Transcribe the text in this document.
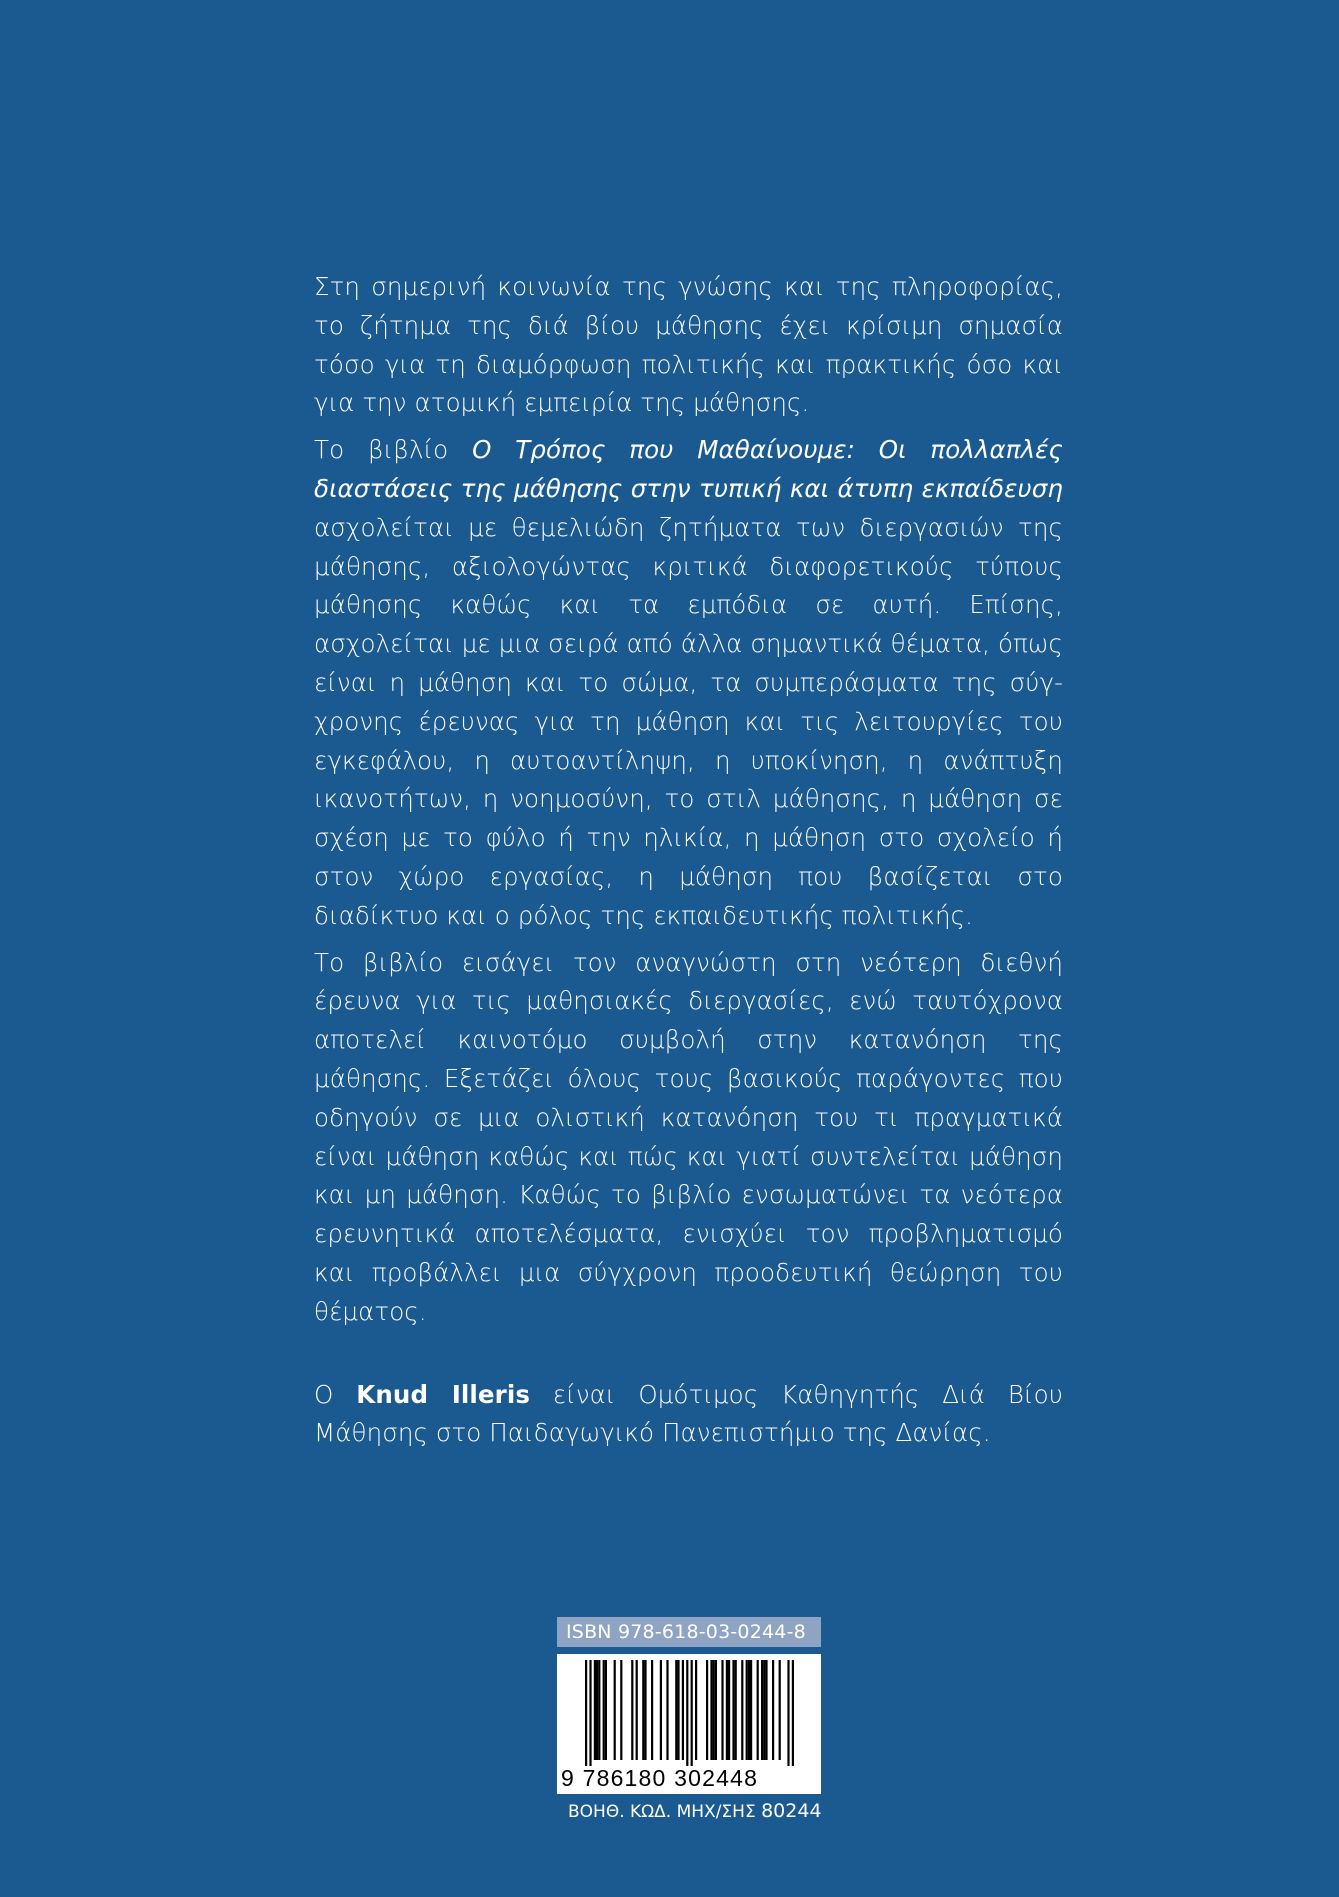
Στη σημερινή κοινωνία της γνώσης και της πληροφορίας, το ζήτημα της διά βίου μάθησης έχει κρίσιμη σημασία τόσο για τη διαμόρφωση πολιτικής και πρακτικής όσο και για την ατομική εμπειρία της μάθησης.

Το βιβλίο Ο Τρόπος που Μαθαίνουμε: Οι πολλαπλές διαστάσεις της μάθησης στην τυπική και άτυπη εκπαίδευση ασχολείται με θεμελιώδη ζητήματα των διεργασιών της μάθησης, αξιολογώντας κριτικά διαφορετικούς τύπους μάθησης καθώς και τα εμπόδια σε αυτή. Επίσης, ασχολείται με μια σειρά από άλλα σημαντικά θέματα, όπως είναι η μάθηση και το σώμα, τα συμπεράσματα της σύγχρονης έρευνας για τη μάθηση και τις λειτουργίες του εγκεφάλου, η αυτοαντίληψη, η υποκίνηση, η ανάπτυξη ικανοτήτων, η νοημοσύνη, το στιλ μάθησης, η μάθηση σε σχέση με το φύλο ή την ηλικία, η μάθηση στο σχολείο ή στον χώρο εργασίας, η μάθηση που βασίζεται στο διαδίκτυο και ο ρόλος της εκπαιδευτικής πολιτικής.

Το βιβλίο εισάγει τον αναγνώστη στη νεότερη διεθνή έρευνα για τις μαθησιακές διεργασίες, ενώ ταυτόχρονα αποτελεί καινοτόμο συμβολή στην κατανόηση της μάθησης. Εξετάζει όλους τους βασικούς παράγοντες που οδηγούν σε μια ολιστική κατανόηση του τι πραγματικά είναι μάθηση καθώς και πώς και γιατί συντελείται μάθηση και μη μάθηση. Καθώς το βιβλίο ενσωματώνει τα νεότερα ερευνητικά αποτελέσματα, ενισχύει τον προβληματισμό και προβάλλει μια σύγχρονη προοδευτική θεώρηση του θέματος.

Ο Knud Illeris είναι Ομότιμος Καθηγητής Διά Βίου Μάθησης στο Παιδαγωγικό Πανεπιστήμιο της Δανίας.

ISBN 978-618-03-0244-8
9 786180 302448
ΒΟΗΘ. ΚΩΔ. ΜΗΧ/ΣΗΣ 80244
